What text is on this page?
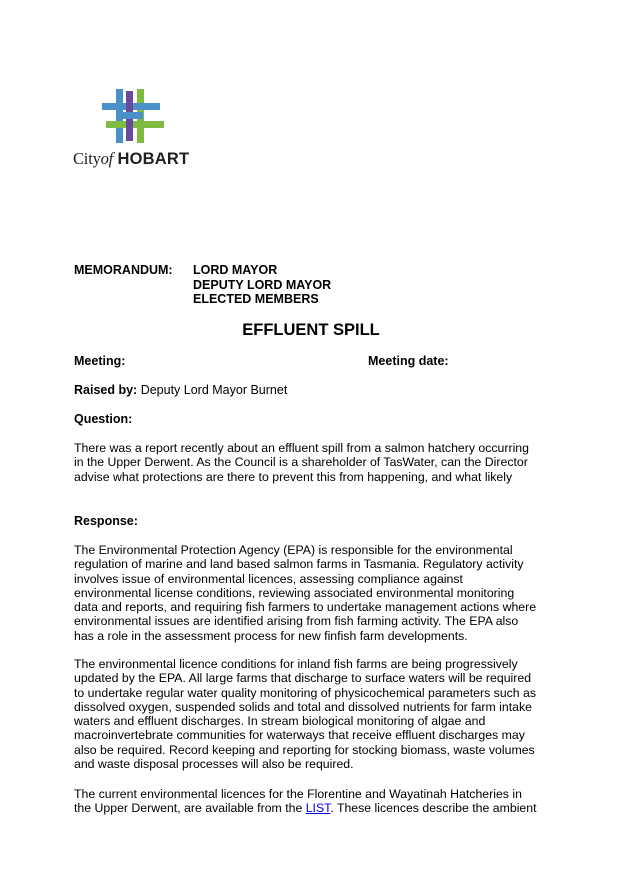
Cityof HOBART
MEMORANDUM: LORD MAYOR
DEPUTY LORD MAYOR
ELECTED MEMBERS
EFFLUENT SPILL
Meeting:	Meeting date:
Raised by: Deputy Lord Mayor Burnet
Question:
There was a report recently about an effluent spill from a salmon hatchery occurring
in the Upper Derwent. As the Council is a shareholder of TasWater, can the Director
advise what protections are there to prevent this from happening, and what likely
Response:
The Environmental Protection Agency (EPA) is responsible for the environmental
regulation of marine and land based salmon farms in Tasmania. Regulatory activity
involves issue of environmental licences, assessing compliance against
environmental license conditions, reviewing associated environmental monitoring
data and reports, and requiring fish farmers to undertake management actions where
environmental issues are identified arising from fish farming activity. The EPA also
has a role in the assessment process for new finfish farm developments.
The environmental licence conditions for inland fish farms are being progressively
updated by the EPA. All large farms that discharge to surface waters will be required
to undertake regular water quality monitoring of physicochemical parameters such as
dissolved oxygen, suspended solids and total and dissolved nutrients for farm intake
waters and effluent discharges. In stream biological monitoring of algae and
macroinvertebrate communities for waterways that receive effluent discharges may
also be required. Record keeping and reporting for stocking biomass, waste volumes
and waste disposal processes will also be required.
The current environmental licences for the Florentine and Wayatinah Hatcheries in
the Upper Derwent, are available from the LIST. These licences describe the ambient
